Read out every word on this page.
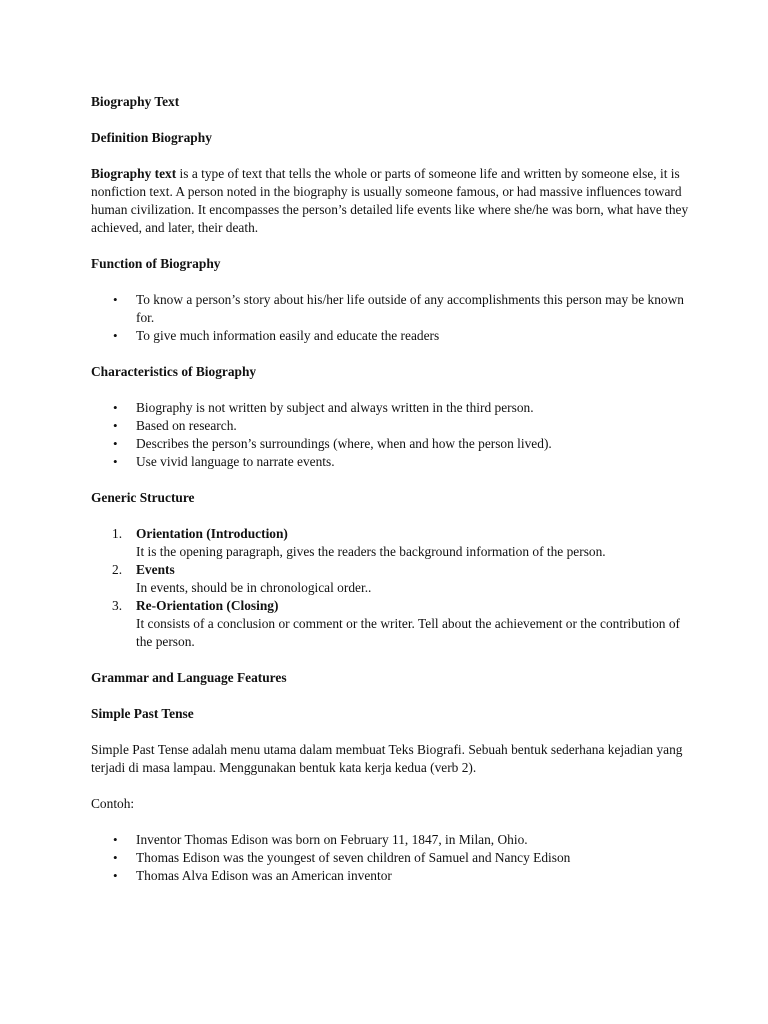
Biography Text
Definition Biography
Biography text is a type of text that tells the whole or parts of someone life and written by someone else, it is nonfiction text. A person noted in the biography is usually someone famous, or had massive influences toward human civilization. It encompasses the person’s detailed life events like where she/he was born, what have they achieved, and later, their death.
Function of Biography
• To know a person’s story about his/her life outside of any accomplishments this person may be known for.
• To give much information easily and educate the readers
Characteristics of Biography
• Biography is not written by subject and always written in the third person.
• Based on research.
• Describes the person’s surroundings (where, when and how the person lived).
• Use vivid language to narrate events.
Generic Structure
1. Orientation (Introduction)
It is the opening paragraph, gives the readers the background information of the person.
2. Events
In events, should be in chronological order..
3. Re-Orientation (Closing)
It consists of a conclusion or comment or the writer. Tell about the achievement or the contribution of the person.
Grammar and Language Features
Simple Past Tense
Simple Past Tense adalah menu utama dalam membuat Teks Biografi. Sebuah bentuk sederhana kejadian yang terjadi di masa lampau. Menggunakan bentuk kata kerja kedua (verb 2).
Contoh:
• Inventor Thomas Edison was born on February 11, 1847, in Milan, Ohio.
• Thomas Edison was the youngest of seven children of Samuel and Nancy Edison
• Thomas Alva Edison was an American inventor
